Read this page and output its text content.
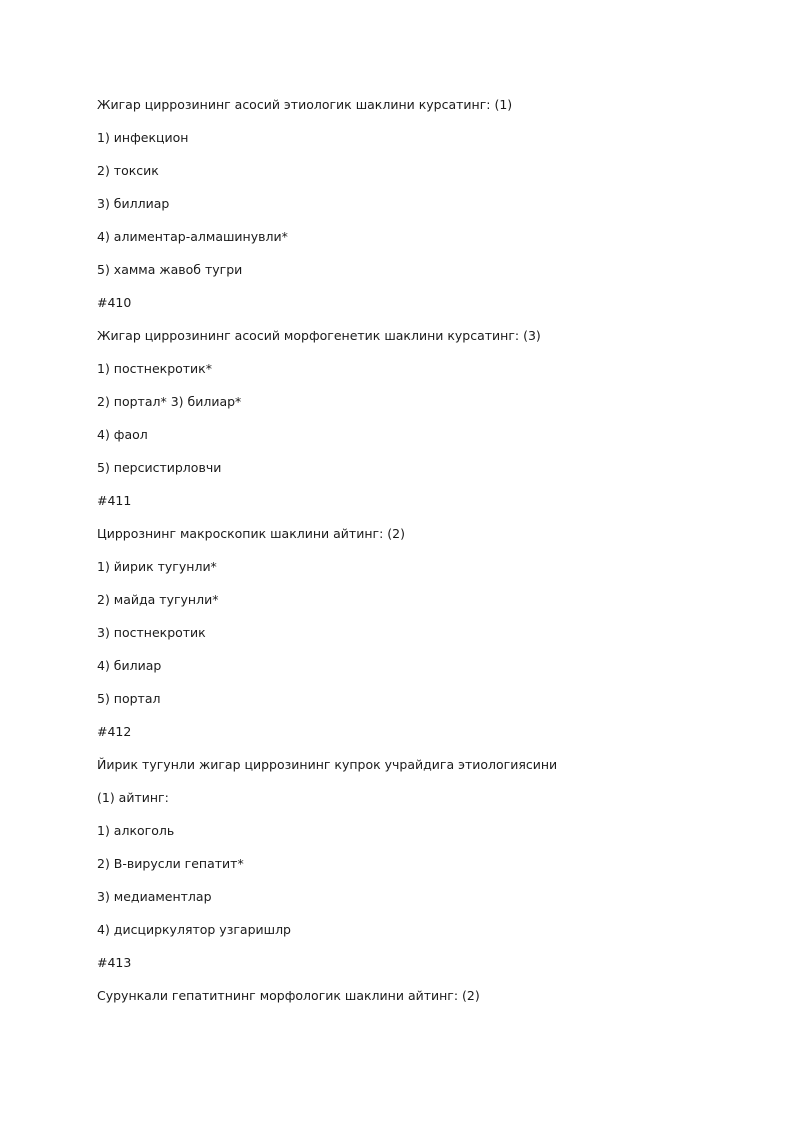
Жигар циррозининг асосий этиологик шаклини курсатинг: (1)
1) инфекцион
2) токсик
3) биллиар
4) алиментар-алмашинувли*
5) хамма жавоб тугри
#410
Жигар циррозининг асосий морфогенетик шаклини курсатинг: (3)
1) постнекротик*
2) портал* 3) билиар*
4) фаол
5) персистирловчи
#411
Циррознинг макроскопик шаклини айтинг: (2)
1) йирик тугунли*
2) майда тугунли*
3) постнекротик
4) билиар
5) портал
#412
Йирик тугунли жигар циррозининг купрок учрайдига этиологиясини
(1) айтинг:
1) алкоголь
2) В-вирусли гепатит*
3) медиаментлар
4) дисциркулятор узгаришлр
#413
Сурункали гепатитнинг морфологик шаклини айтинг: (2)
